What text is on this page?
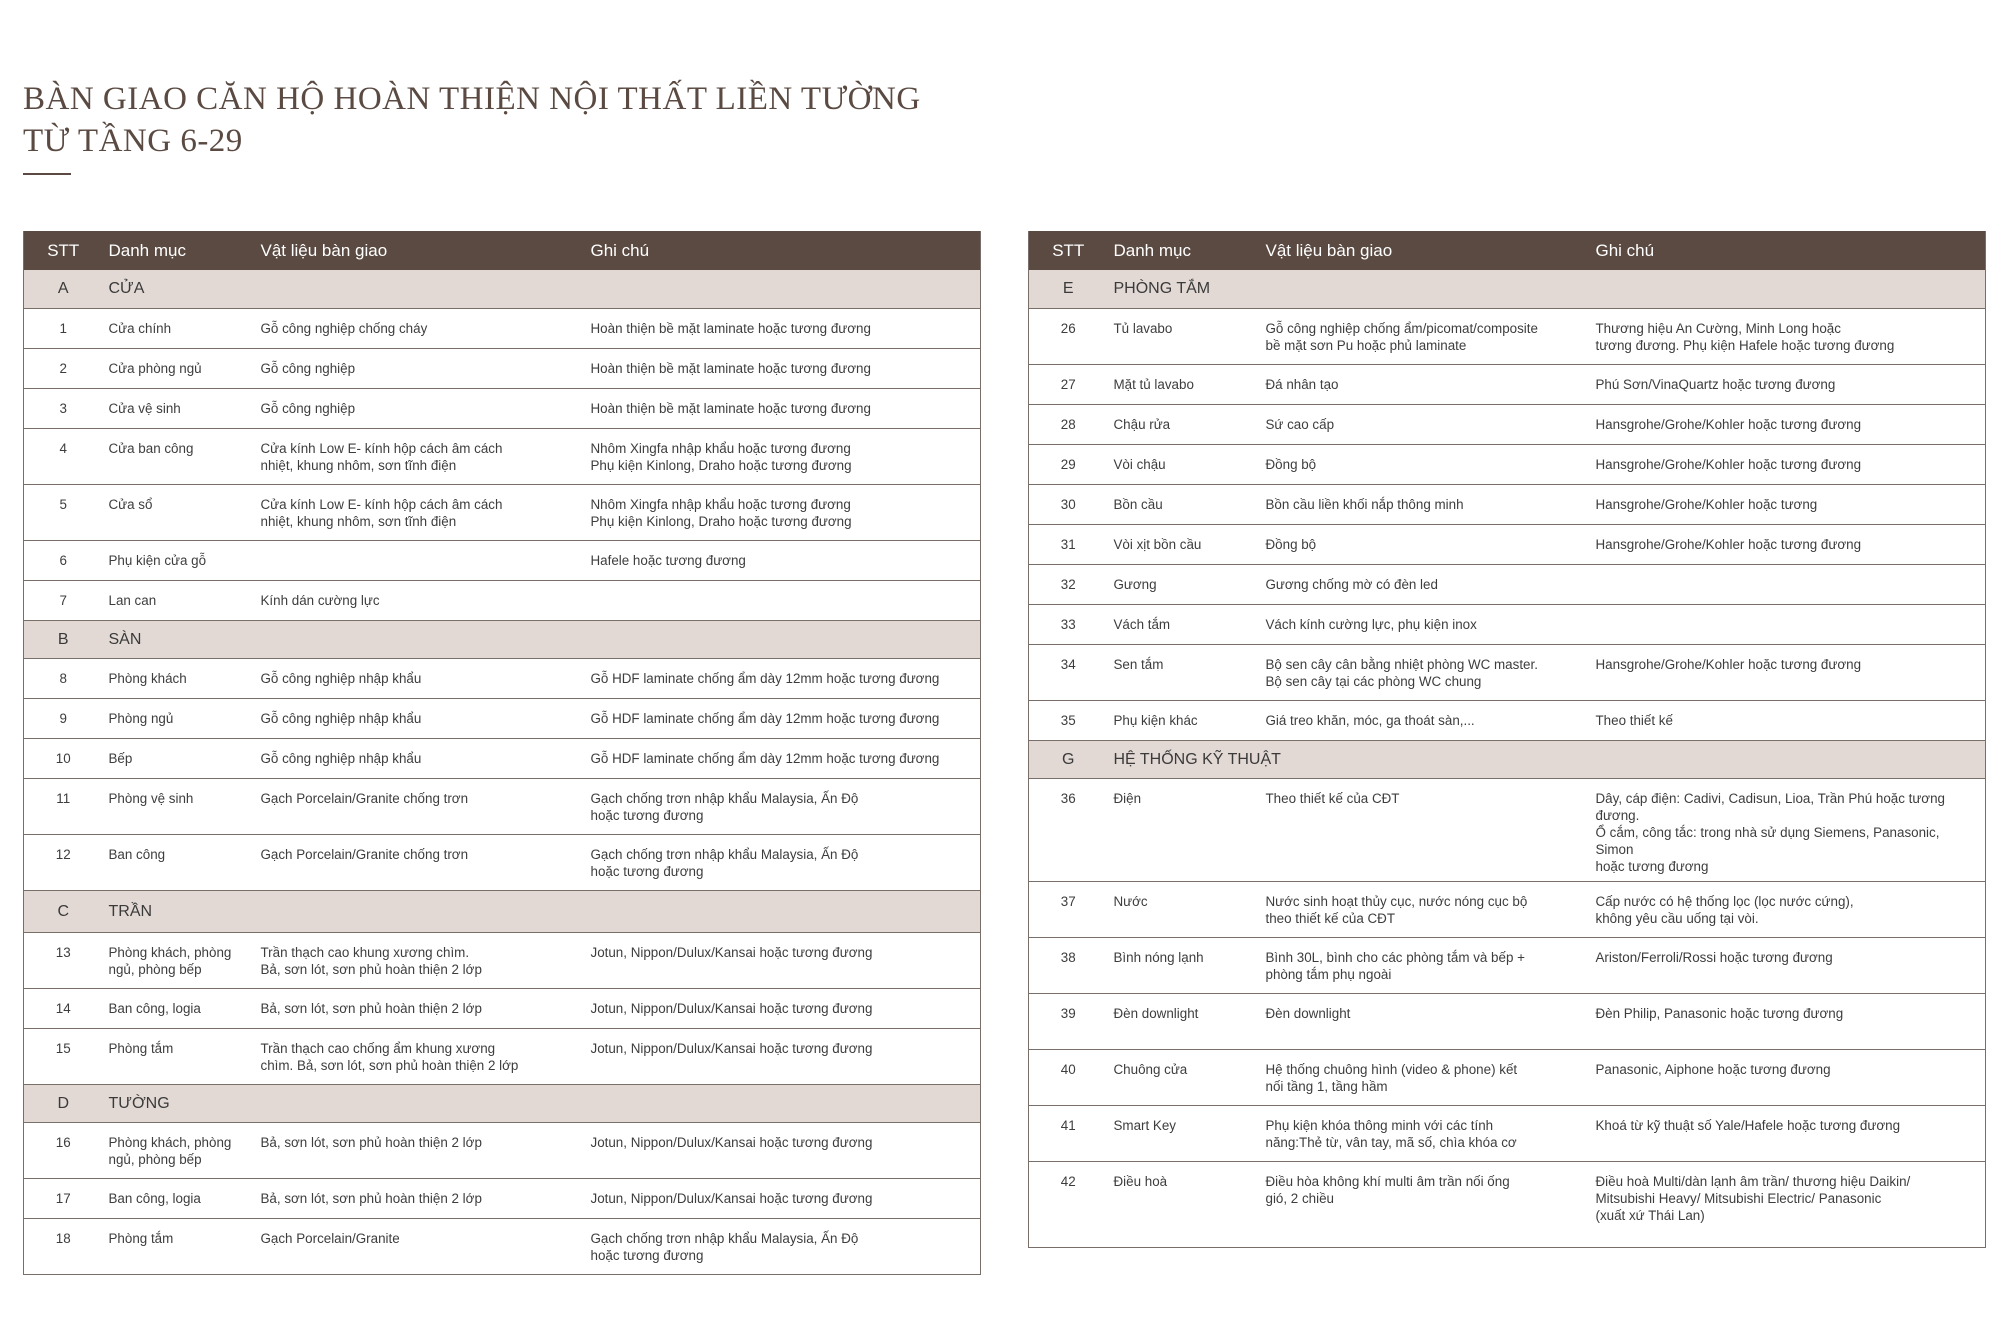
BÀN GIAO CĂN HỘ HOÀN THIỆN NỘI THẤT LIỀN TƯỜNG
TỪ TẦNG 6-29
STT	Danh mục	Vật liệu bàn giao	Ghi chú
A	CỬA		
1	Cửa chính	Gỗ công nghiệp chống cháy	Hoàn thiện bề mặt laminate hoặc tương đương
2	Cửa phòng ngủ	Gỗ công nghiệp	Hoàn thiện bề mặt laminate hoặc tương đương
3	Cửa vệ sinh	Gỗ công nghiệp	Hoàn thiện bề mặt laminate hoặc tương đương
4	Cửa ban công	Cửa kính Low E- kính hộp cách âm cách
nhiệt, khung nhôm, sơn tĩnh điện	Nhôm Xingfa nhập khẩu hoặc tương đương
Phụ kiện Kinlong, Draho hoặc tương đương
5	Cửa sổ	Cửa kính Low E- kính hộp cách âm cách
nhiệt, khung nhôm, sơn tĩnh điện	Nhôm Xingfa nhập khẩu hoặc tương đương
Phụ kiện Kinlong, Draho hoặc tương đương
6	Phụ kiện cửa gỗ		Hafele hoặc tương đương
7	Lan can	Kính dán cường lực	
B	SÀN		
8	Phòng khách	Gỗ công nghiệp nhập khẩu	Gỗ HDF laminate chống ẩm dày 12mm hoặc tương đương
9	Phòng ngủ	Gỗ công nghiệp nhập khẩu	Gỗ HDF laminate chống ẩm dày 12mm hoặc tương đương
10	Bếp	Gỗ công nghiệp nhập khẩu	Gỗ HDF laminate chống ẩm dày 12mm hoặc tương đương
11	Phòng vệ sinh	Gạch Porcelain/Granite chống trơn	Gạch chống trơn nhập khẩu Malaysia, Ấn Độ
hoặc tương đương
12	Ban công	Gạch Porcelain/Granite chống trơn	Gạch chống trơn nhập khẩu Malaysia, Ấn Độ
hoặc tương đương
C	TRẦN		
13	Phòng khách, phòng
ngủ, phòng bếp	Trần thạch cao khung xương chìm.
Bả, sơn lót, sơn phủ hoàn thiện 2 lớp	Jotun, Nippon/Dulux/Kansai hoặc tương đương
14	Ban công, logia	Bả, sơn lót, sơn phủ hoàn thiện 2 lớp	Jotun, Nippon/Dulux/Kansai hoặc tương đương
15	Phòng tắm	Trần thạch cao chống ẩm khung xương
chìm. Bả, sơn lót, sơn phủ hoàn thiện 2 lớp	Jotun, Nippon/Dulux/Kansai hoặc tương đương
D	TƯỜNG		
16	Phòng khách, phòng
ngủ, phòng bếp	Bả, sơn lót, sơn phủ hoàn thiện 2 lớp	Jotun, Nippon/Dulux/Kansai hoặc tương đương
17	Ban công, logia	Bả, sơn lót, sơn phủ hoàn thiện 2 lớp	Jotun, Nippon/Dulux/Kansai hoặc tương đương
18	Phòng tắm	Gạch Porcelain/Granite	Gạch chống trơn nhập khẩu Malaysia, Ấn Độ
hoặc tương đương
STT	Danh mục	Vật liệu bàn giao	Ghi chú
E	PHÒNG TẮM		
26	Tủ lavabo	Gỗ công nghiệp chống ẩm/picomat/composite
bề mặt sơn Pu hoặc phủ laminate	Thương hiệu An Cường, Minh Long hoặc
tương đương. Phụ kiện Hafele hoặc tương đương
27	Mặt tủ lavabo	Đá nhân tạo	Phú Sơn/VinaQuartz hoặc tương đương
28	Chậu rửa	Sứ cao cấp	Hansgrohe/Grohe/Kohler hoặc tương đương
29	Vòi chậu	Đồng bộ	Hansgrohe/Grohe/Kohler hoặc tương đương
30	Bồn cầu	Bồn cầu liền khối nắp thông minh	Hansgrohe/Grohe/Kohler hoặc tương
31	Vòi xịt bồn cầu	Đồng bộ	Hansgrohe/Grohe/Kohler hoặc tương đương
32	Gương	Gương chống mờ có đèn led	
33	Vách tắm	Vách kính cường lực, phụ kiện inox	
34	Sen tắm	Bộ sen cây cân bằng nhiệt phòng WC master.
Bộ sen cây tại các phòng WC chung	Hansgrohe/Grohe/Kohler hoặc tương đương
35	Phụ kiện khác	Giá treo khăn, móc, ga thoát sàn,...	Theo thiết kế
G	HỆ THỐNG KỸ THUẬT		
36	Điện	Theo thiết kế của CĐT	Dây, cáp điện: Cadivi, Cadisun, Lioa, Trần Phú hoặc tương đương.
Ổ cắm, công tắc: trong nhà sử dụng Siemens, Panasonic, Simon
hoặc tương đương
37	Nước	Nước sinh hoạt thủy cục, nước nóng cục bộ
theo thiết kế của CĐT	Cấp nước có hệ thống lọc (lọc nước cứng),
không yêu cầu uống tại vòi.
38	Bình nóng lạnh	Bình 30L, bình cho các phòng tắm và bếp +
phòng tắm phụ ngoài	Ariston/Ferroli/Rossi hoặc tương đương
39	Đèn downlight	Đèn downlight	Đèn Philip, Panasonic hoặc tương đương
40	Chuông cửa	Hệ thống chuông hình (video & phone) kết
nối tầng 1, tầng hầm	Panasonic, Aiphone hoặc tương đương
41	Smart Key	Phụ kiện khóa thông minh với các tính
năng:Thẻ từ, vân tay, mã số, chìa khóa cơ	Khoá từ kỹ thuật số Yale/Hafele hoặc tương đương
42	Điều hoà	Điều hòa không khí multi âm trần nối ống
gió, 2 chiều	Điều hoà Multi/dàn lạnh âm trần/ thương hiệu Daikin/
Mitsubishi Heavy/ Mitsubishi Electric/ Panasonic
(xuất xứ Thái Lan)
